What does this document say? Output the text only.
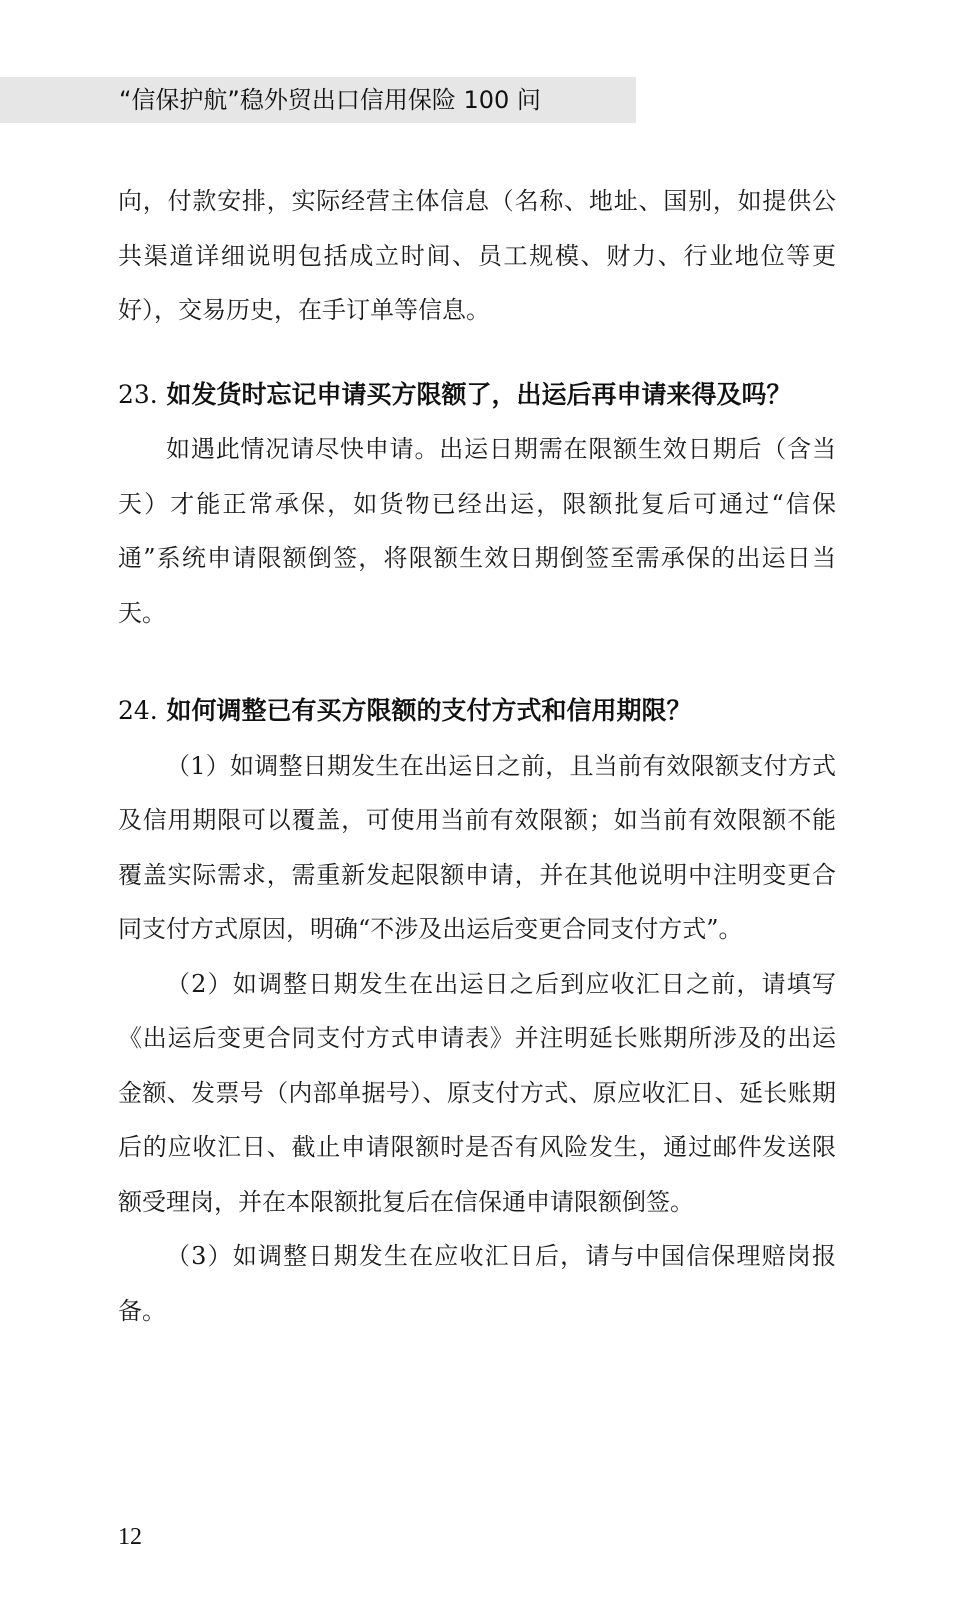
“信保护航”稳外贸出口信用保险 100 问

向，付款安排，实际经营主体信息（名称、地址、国别，如提供公共渠道详细说明包括成立时间、员工规模、财力、行业地位等更好），交易历史，在手订单等信息。

23. 如发货时忘记申请买方限额了，出运后再申请来得及吗？

如遇此情况请尽快申请。出运日期需在限额生效日期后（含当天）才能正常承保，如货物已经出运，限额批复后可通过“信保通”系统申请限额倒签，将限额生效日期倒签至需承保的出运日当天。

24. 如何调整已有买方限额的支付方式和信用期限？

（1）如调整日期发生在出运日之前，且当前有效限额支付方式及信用期限可以覆盖，可使用当前有效限额；如当前有效限额不能覆盖实际需求，需重新发起限额申请，并在其他说明中注明变更合同支付方式原因，明确“不涉及出运后变更合同支付方式”。

（2）如调整日期发生在出运日之后到应收汇日之前，请填写《出运后变更合同支付方式申请表》并注明延长账期所涉及的出运金额、发票号（内部单据号）、原支付方式、原应收汇日、延长账期后的应收汇日、截止申请限额时是否有风险发生，通过邮件发送限额受理岗，并在本限额批复后在信保通申请限额倒签。

（3）如调整日期发生在应收汇日后，请与中国信保理赔岗报备。

12
